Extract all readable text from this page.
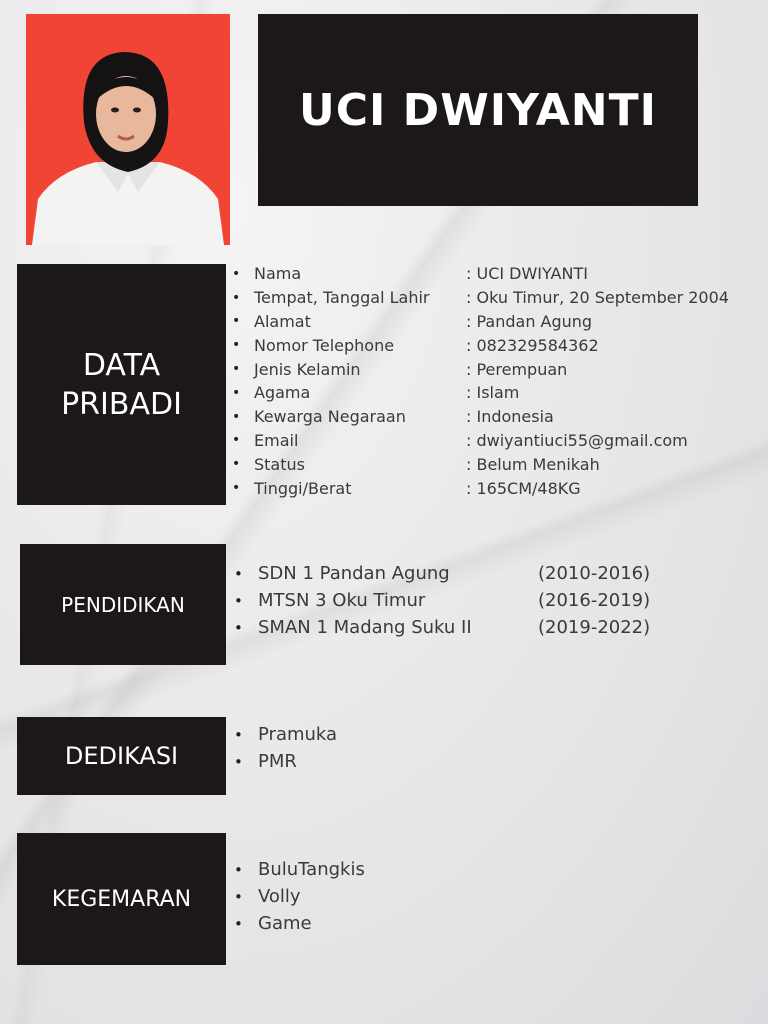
UCI DWIYANTI
DATA
PRIBADI
• Nama	: UCI DWIYANTI
• Tempat, Tanggal Lahir	: Oku Timur, 20 September 2004
• Alamat	: Pandan Agung
• Nomor Telephone	: 082329584362
• Jenis Kelamin	: Perempuan
• Agama	: Islam
• Kewarga Negaraan	: Indonesia
• Email	: dwiyantiuci55@gmail.com
• Status	: Belum Menikah
• Tinggi/Berat	: 165CM/48KG
PENDIDIKAN
• SDN 1 Pandan Agung	(2010-2016)
• MTSN 3 Oku Timur	(2016-2019)
• SMAN 1 Madang Suku II	(2019-2022)
DEDIKASI
• Pramuka
• PMR
KEGEMARAN
• BuluTangkis
• Volly
• Game
